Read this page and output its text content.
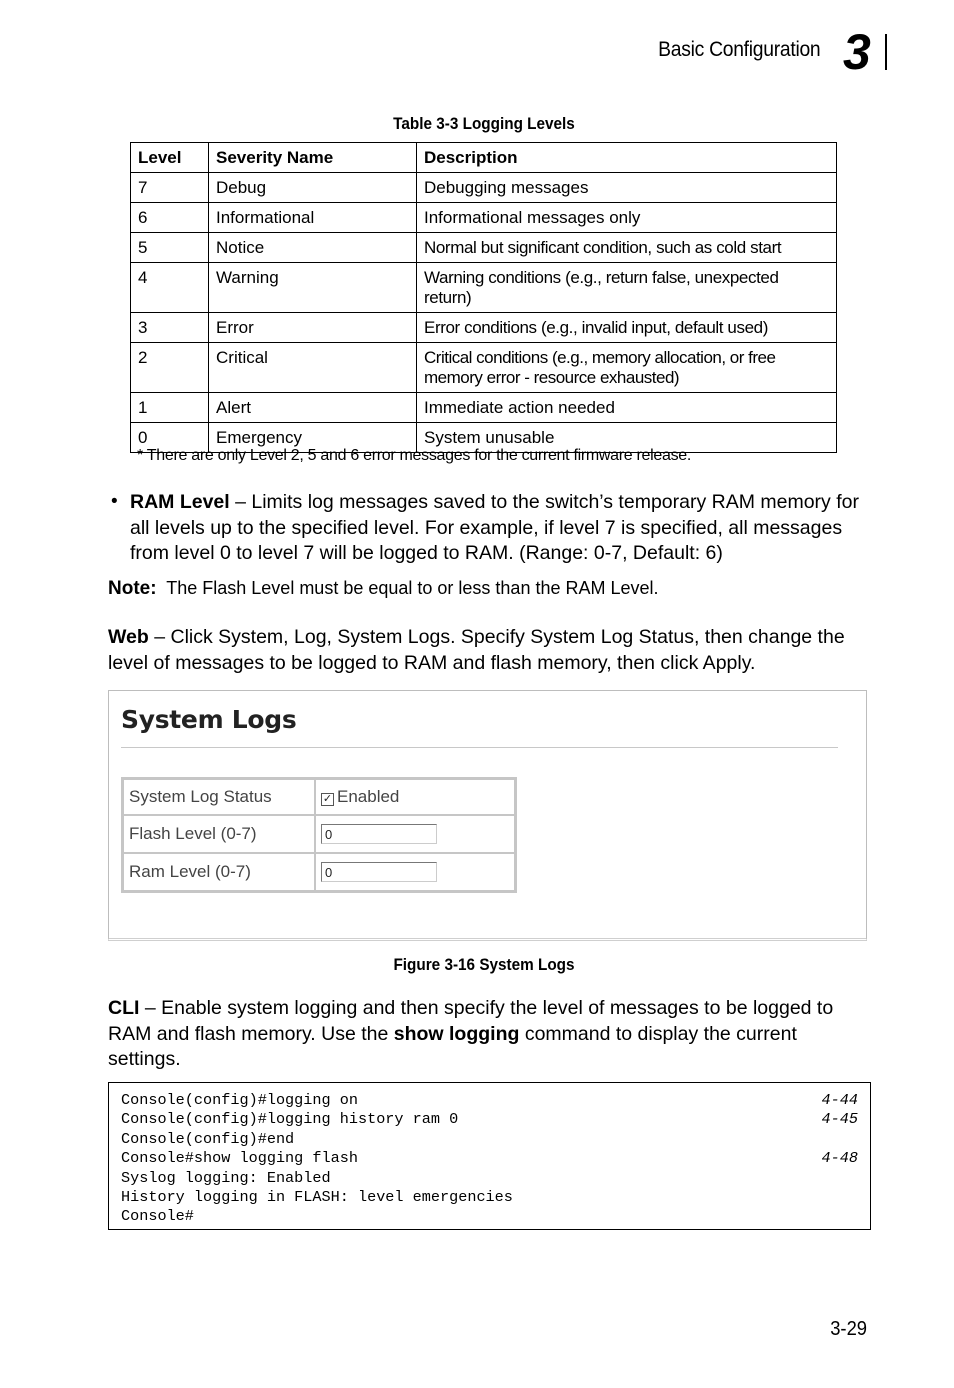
Basic Configuration 3
Table 3-3 Logging Levels
Level	Severity Name	Description
7	Debug	Debugging messages
6	Informational	Informational messages only
5	Notice	Normal but significant condition, such as cold start
4	Warning	Warning conditions (e.g., return false, unexpected return)
3	Error	Error conditions (e.g., invalid input, default used)
2	Critical	Critical conditions (e.g., memory allocation, or free memory error - resource exhausted)
1	Alert	Immediate action needed
0	Emergency	System unusable
* There are only Level 2, 5 and 6 error messages for the current firmware release.
• RAM Level – Limits log messages saved to the switch’s temporary RAM memory for all levels up to the specified level. For example, if level 7 is specified, all messages from level 0 to level 7 will be logged to RAM. (Range: 0-7, Default: 6)
Note: The Flash Level must be equal to or less than the RAM Level.
Web – Click System, Log, System Logs. Specify System Log Status, then change the level of messages to be logged to RAM and flash memory, then click Apply.
System Logs
System Log Status	✓ Enabled
Flash Level (0-7)	0
Ram Level (0-7)	0
Figure 3-16 System Logs
CLI – Enable system logging and then specify the level of messages to be logged to RAM and flash memory. Use the show logging command to display the current settings.
Console(config)#logging on	4-44
Console(config)#logging history ram 0	4-45
Console(config)#end
Console#show logging flash	4-48
Syslog logging: Enabled
History logging in FLASH: level emergencies
Console#
3-29
